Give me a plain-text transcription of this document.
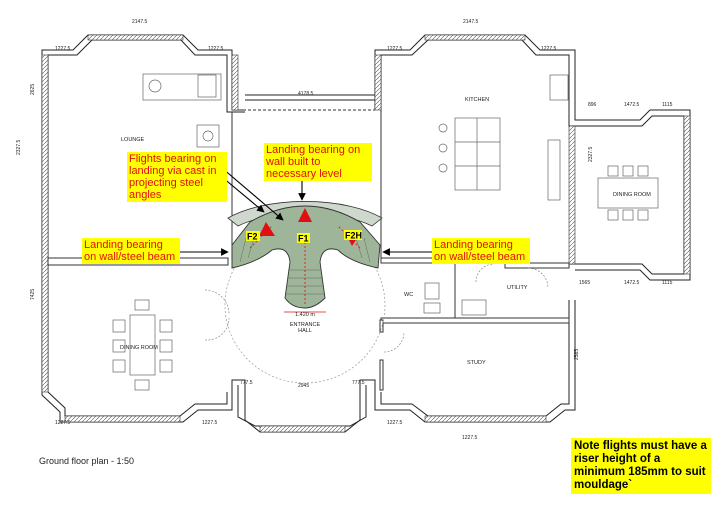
F2	F1	F2H
LOUNGE
KITCHEN
DINING ROOM
DINING ROOM
WC
UTILITY
STUDY
ENTRANCE HALL
1.420 m
2147.5	2147.5
1227.5	1227.5	1227.5	1227.5
4178.5
896	1472.5	1115
1565	1472.5	1115
1227.5	1227.5	1227.5
1227.5
2945
777.5	777.5
2327.5
2625
7425
2327.5
2585
Flights bearing on landing via cast in projecting steel angles
Landing bearing on wall built to necessary level
Landing bearing on wall/steel beam
Landing bearing on wall/steel beam
Note flights must have a riser height of a minimum 185mm to suit mouldage`
Ground floor plan - 1:50
